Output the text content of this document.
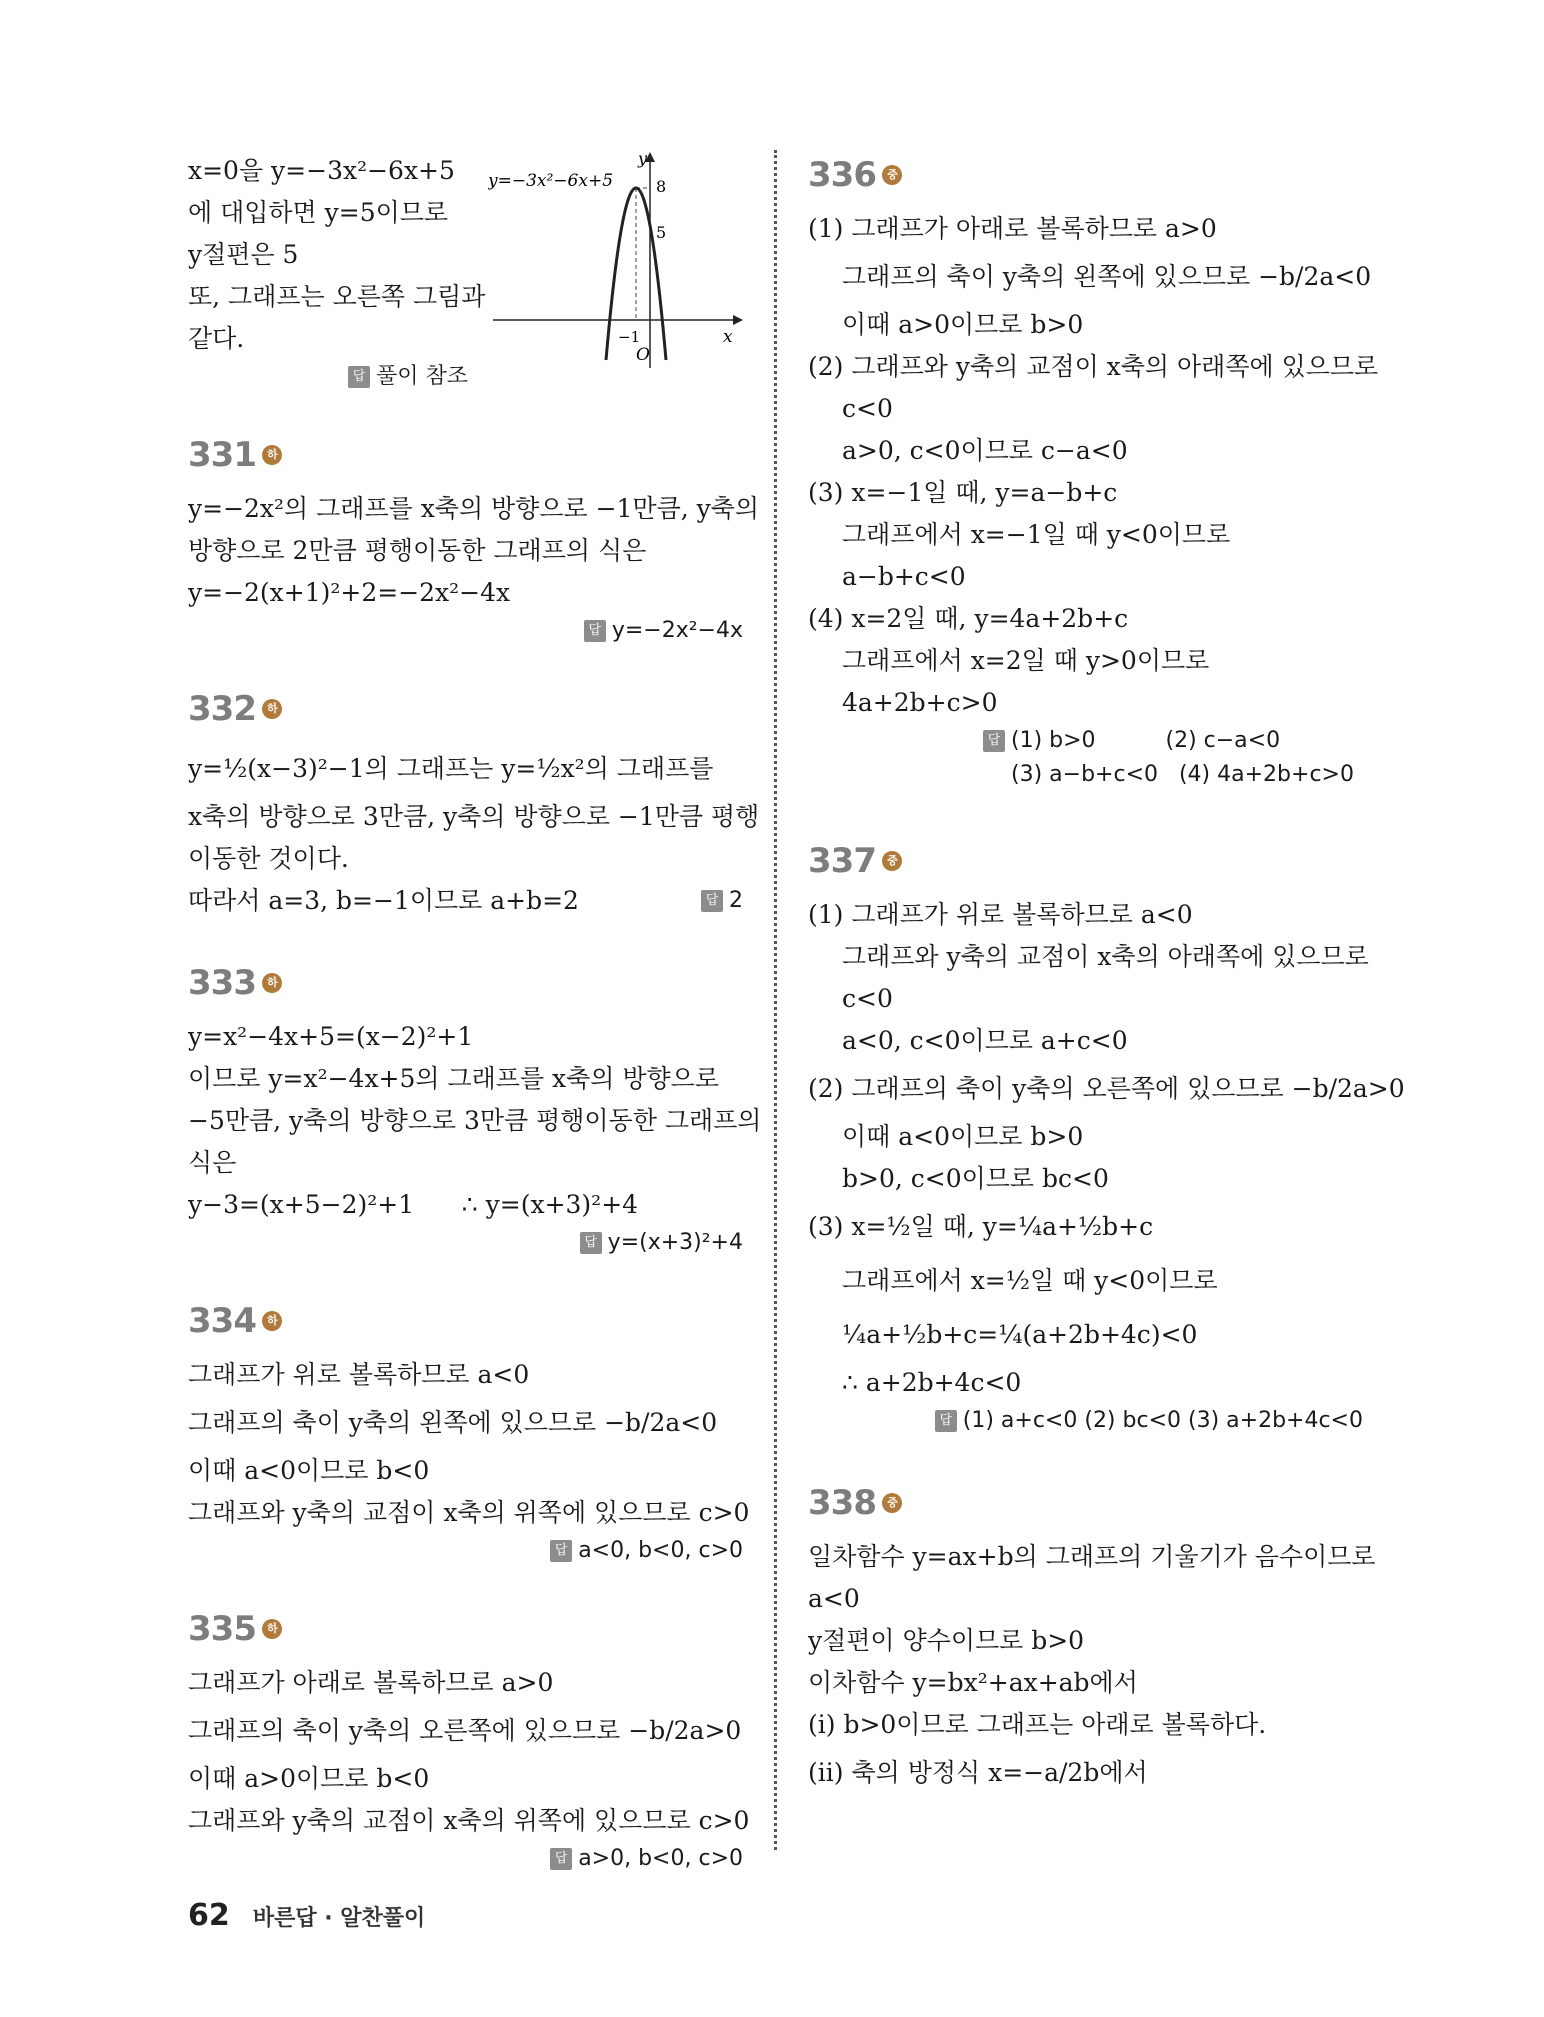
x=0을 y=−3x²−6x+5
에 대입하면 y=5이므로
y절편은 5
또, 그래프는 오른쪽 그림과
같다.
답 풀이 참조
y=−3x²−6x+5	8
5
y
x
−1
O
331	하
y=−2x²의 그래프를 x축의 방향으로 −1만큼, y축의
방향으로 2만큼 평행이동한 그래프의 식은
y=−2(x+1)²+2=−2x²−4x
답 y=−2x²−4x
332	하
y=½(x−3)²−1의 그래프는 y=½x²의 그래프를
x축의 방향으로 3만큼, y축의 방향으로 −1만큼 평행
이동한 것이다.
따라서 a=3, b=−1이므로 a+b=2	답 2
333	하
y=x²−4x+5=(x−2)²+1
이므로 y=x²−4x+5의 그래프를 x축의 방향으로
−5만큼, y축의 방향으로 3만큼 평행이동한 그래프의
식은
y−3=(x+5−2)²+1      ∴ y=(x+3)²+4
답 y=(x+3)²+4
334	하
그래프가 위로 볼록하므로 a<0
그래프의 축이 y축의 왼쪽에 있으므로 −b/2a<0
이때 a<0이므로 b<0
그래프와 y축의 교점이 x축의 위쪽에 있으므로 c>0
답 a<0, b<0, c>0
335	하
그래프가 아래로 볼록하므로 a>0
그래프의 축이 y축의 오른쪽에 있으므로 −b/2a>0
이때 a>0이므로 b<0
그래프와 y축의 교점이 x축의 위쪽에 있으므로 c>0
답 a>0, b<0, c>0
336	중
(1) 그래프가 아래로 볼록하므로 a>0
그래프의 축이 y축의 왼쪽에 있으므로 −b/2a<0
이때 a>0이므로 b>0
(2) 그래프와 y축의 교점이 x축의 아래쪽에 있으므로
c<0
a>0, c<0이므로 c−a<0
(3) x=−1일 때, y=a−b+c
그래프에서 x=−1일 때 y<0이므로
a−b+c<0
(4) x=2일 때, y=4a+2b+c
그래프에서 x=2일 때 y>0이므로
4a+2b+c>0
답 (1) b>0          (2) c−a<0
(3) a−b+c<0   (4) 4a+2b+c>0
337	중
(1) 그래프가 위로 볼록하므로 a<0
그래프와 y축의 교점이 x축의 아래쪽에 있으므로
c<0
a<0, c<0이므로 a+c<0
(2) 그래프의 축이 y축의 오른쪽에 있으므로 −b/2a>0
이때 a<0이므로 b>0
b>0, c<0이므로 bc<0
(3) x=½일 때, y=¼a+½b+c
그래프에서 x=½일 때 y<0이므로
¼a+½b+c=¼(a+2b+4c)<0
∴ a+2b+4c<0
답 (1) a+c<0 (2) bc<0 (3) a+2b+4c<0
338	중
일차함수 y=ax+b의 그래프의 기울기가 음수이므로
a<0
y절편이 양수이므로 b>0
이차함수 y=bx²+ax+ab에서
(ⅰ) b>0이므로 그래프는 아래로 볼록하다.
(ⅱ) 축의 방정식 x=−a/2b에서
62 바른답 · 알찬풀이
